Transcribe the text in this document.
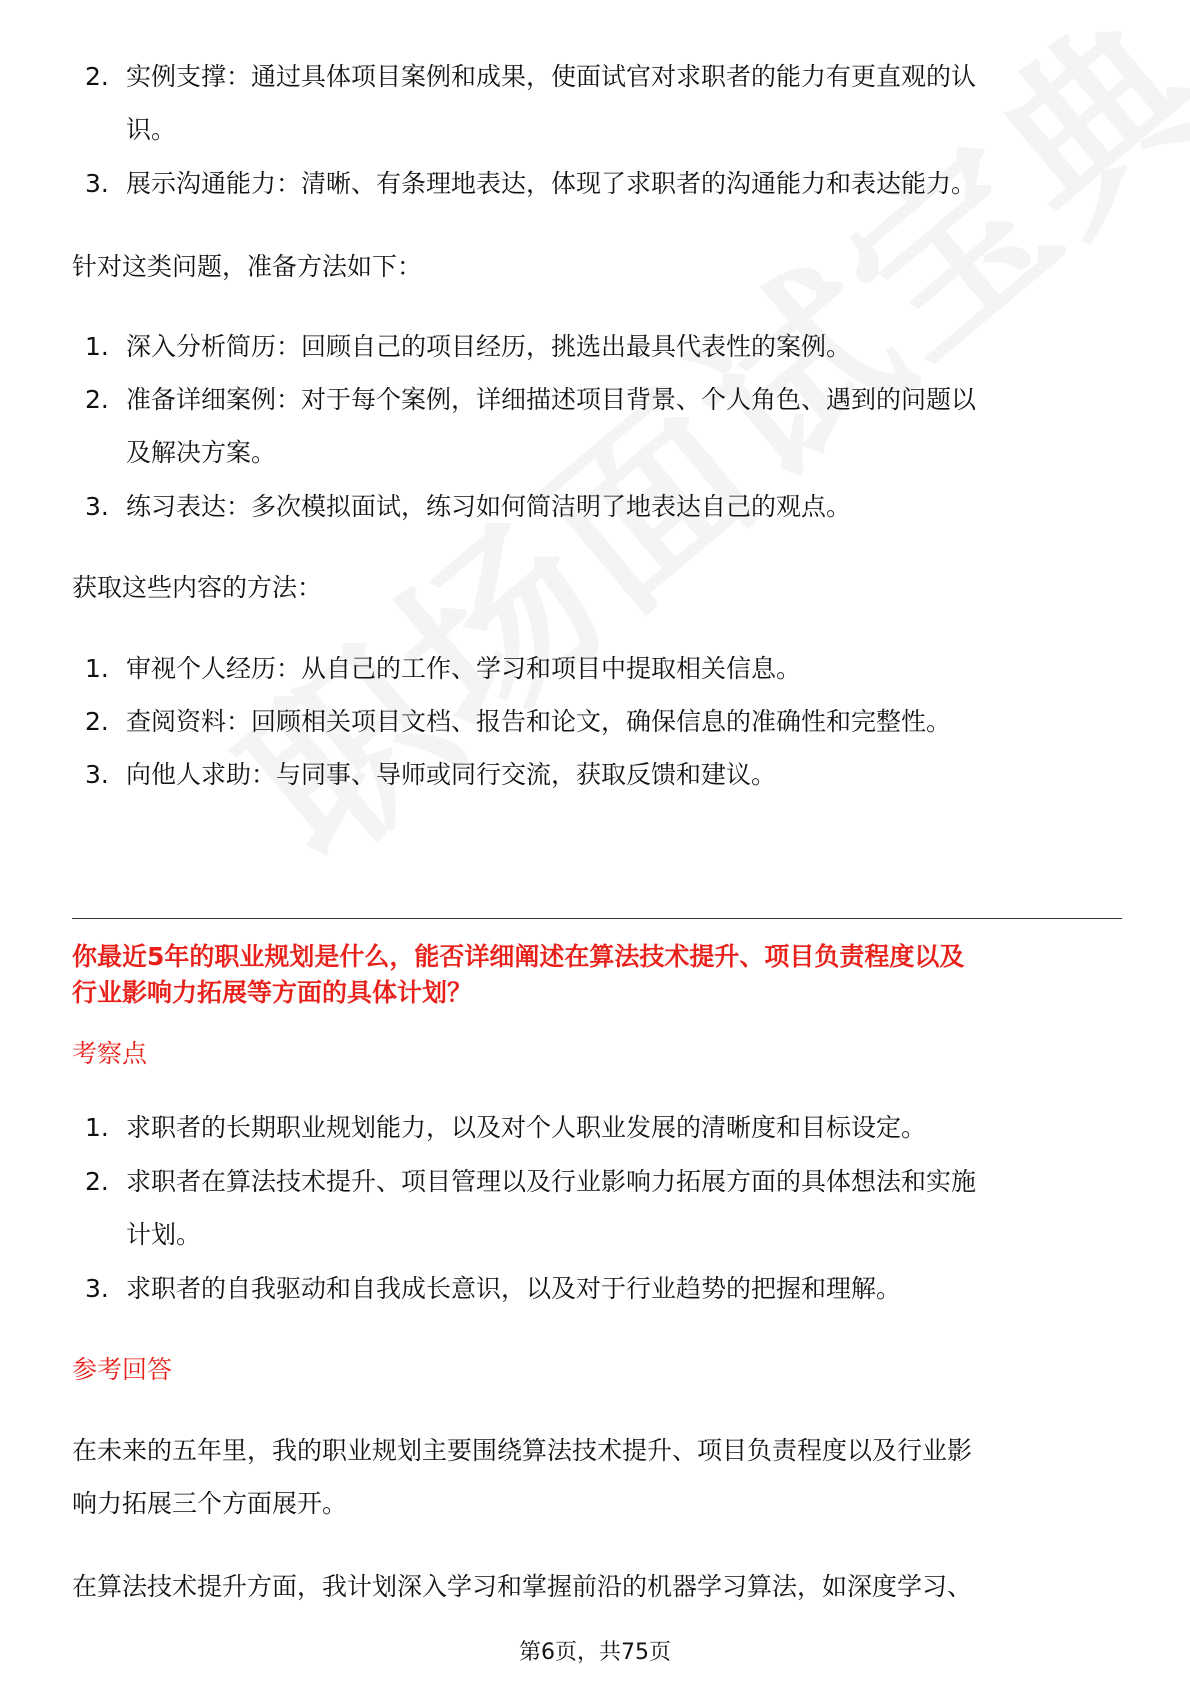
2. 实例支撑：通过具体项目案例和成果，使面试官对求职者的能力有更直观的认
识。
3. 展示沟通能力：清晰、有条理地表达，体现了求职者的沟通能力和表达能力。
针对这类问题，准备方法如下：
1. 深入分析简历：回顾自己的项目经历，挑选出最具代表性的案例。
2. 准备详细案例：对于每个案例，详细描述项目背景、个人角色、遇到的问题以
及解决方案。
3. 练习表达：多次模拟面试，练习如何简洁明了地表达自己的观点。
获取这些内容的方法：
1. 审视个人经历：从自己的工作、学习和项目中提取相关信息。
2. 查阅资料：回顾相关项目文档、报告和论文，确保信息的准确性和完整性。
3. 向他人求助：与同事、导师或同行交流，获取反馈和建议。
你最近5年的职业规划是什么，能否详细阐述在算法技术提升、项目负责程度以及
行业影响力拓展等方面的具体计划？
考察点
1. 求职者的长期职业规划能力，以及对个人职业发展的清晰度和目标设定。
2. 求职者在算法技术提升、项目管理以及行业影响力拓展方面的具体想法和实施
计划。
3. 求职者的自我驱动和自我成长意识，以及对于行业趋势的把握和理解。
参考回答
在未来的五年里，我的职业规划主要围绕算法技术提升、项目负责程度以及行业影
响力拓展三个方面展开。
在算法技术提升方面，我计划深入学习和掌握前沿的机器学习算法，如深度学习、
第6页，共75页
